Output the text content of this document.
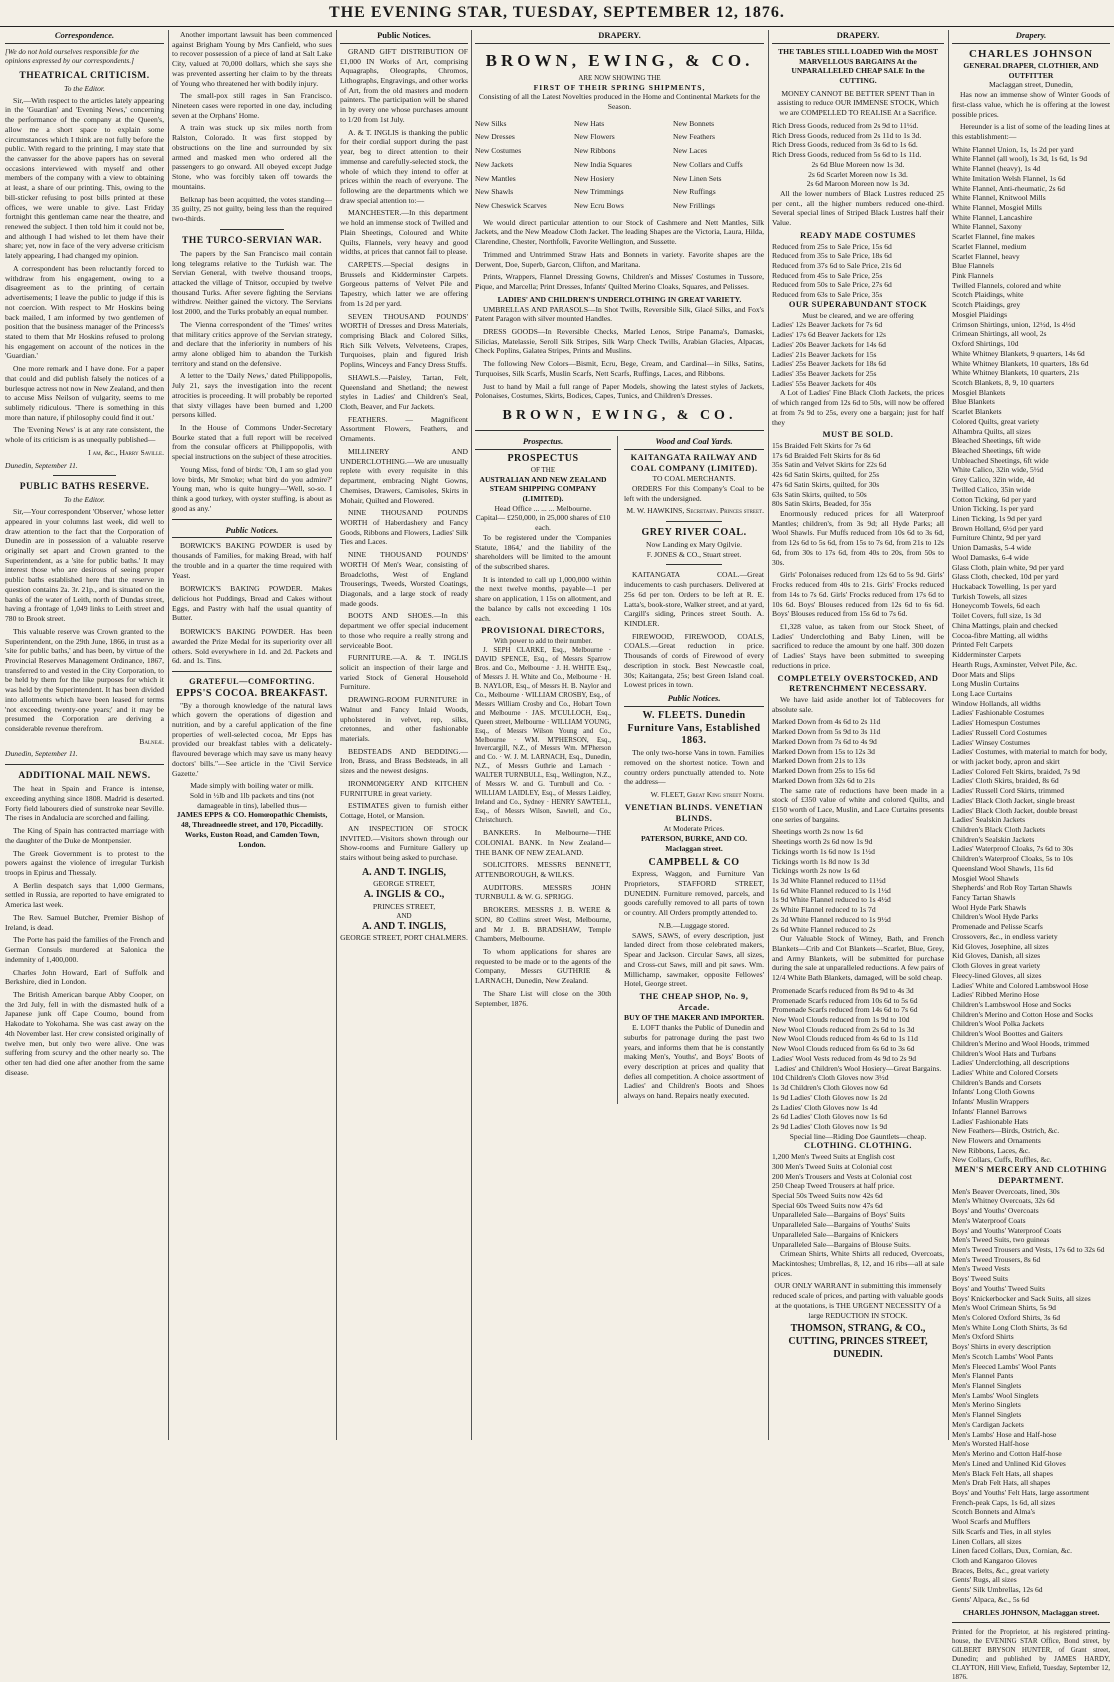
THE EVENING STAR, TUESDAY, SEPTEMBER 12, 1876.
Correspondence.
[We do not hold ourselves responsible for the opinions expressed by our correspondents.]
THEATRICAL CRITICISM.
To the Editor.

Sir,—With respect to the articles lately appearing in the 'Guardian' and 'Evening News,' concerning the performance of the company at the Queen's, allow me a short space to explain some circumstances which I think are not fully before the public. With regard to the printing, I may state that the canvasser for the above papers has on several occasions interviewed with myself and other members of the company with a view to obtaining at least, a share of our printing. This, owing to the bill-sticker refusing to post bills printed at these offices, we were unable to give. Last Friday fortnight this gentleman came near the theatre, and renewed the subject. I then told him it could not be, and although I had wished to let them have their share; yet, now in face of the very adverse criticism lately appearing, I had changed my opinion.

A correspondent has been reluctantly forced to withdraw from his engagement, owing to a disagreement as to the printing of certain advertisements; I leave the public to judge if this is not coercion. With respect to Mr Hoskins being back mailed, I am informed by two gentlemen of position that the business manager of the Princess's stated to them that Mr Hoskins refused to prolong his engagement on account of the notices in the 'Guardian.'

One more remark and I have done. For a paper that could and did publish falsely the notices of a burlesque actress not now in New Zealand, and then to accuse Miss Neilson of vulgarity, seems to me sublimely ridiculous. 'There is something in this more than nature, if philosophy could find it out.'

The 'Evening News' is at any rate consistent, the whole of its criticism is as unequally published—

I am, &c., Harry Saville.
Dunedin, September 11.
PUBLIC BATHS RESERVE.
To the Editor.

Sir,—Your correspondent 'Observer,' whose letter appeared in your columns last week, did well to draw attention to the fact that the Corporation of Dunedin are in possession of a valuable reserve originally set apart and Crown granted to the Superintendent, as a 'site for public baths.' It may interest those who are desirous of seeing proper public baths established here that the reserve in question contains 2a. 3r. 21p., and is situated on the banks of the water of Leith, north of Dundas street, having a frontage of 1,049 links to Leith street and 780 to Brook street.

This valuable reserve was Crown granted to the Superintendent, on the 29th June, 1866, in trust as a 'site for public baths,' and has been, by virtue of the Provincial Reserves Management Ordinance, 1867, transferred to and vested in the City Corporation, to be held by them for the like purposes for which it was held by the Superintendent. It has been divided into allotments which have been leased for terms 'not exceeding twenty-one years;' and it may be presumed the Corporation are deriving a considerable revenue therefrom.

Balneæ.
Dunedin, September 11.
ADDITIONAL MAIL NEWS.

The heat in Spain and France is intense, exceeding anything since 1808. Madrid is deserted. Forty field labourers died of sunstroke near Seville. The rises in Andalucia are scorched and failing.

The King of Spain has contracted marriage with the daughter of the Duke de Montpensier.

The Greek Government is to protest to the powers against the violence of irregular Turkish troops in Epirus and Thessaly.

A Berlin despatch says that 1,000 Germans, settled in Russia, are reported to have emigrated to America last week.

The Rev. Samuel Butcher, Premier Bishop of Ireland, is dead.

The Porte has paid the families of the French and German Consuls murdered at Salonica the indemnity of 1,400,000.

Charles John Howard, Earl of Suffolk and Berkshire, died in London.

The British American barque Abby Cooper, on the 3rd July, fell in with the dismasted hulk of a Japanese junk off Cape Coumo, bound from Hakodate to Yokohama. She was cast away on the 4th November last. Her crew consisted originally of twelve men, but only two were alive. One was suffering from scurvy and the other nearly so. The other ten had died one after another from the same disease.

Another important lawsuit has been commenced against Brigham Young by Mrs Canfield, who sues to recover possession of a piece of land at Salt Lake City, valued at 70,000 dollars, which she says she was prevented asserting her claim to by the threats of Young who threatened her with bodily injury.

The small-pox still rages in San Francisco. Nineteen cases were reported in one day, including seven at the Orphans' Home.

A train was stuck up six miles north from Ralston, Colorado. It was first stopped by obstructions on the line and surrounded by six armed and masked men who ordered all the passengers to go onward. All obeyed except Judge Stone, who was forcibly taken off towards the mountains.

Belknap has been acquitted, the votes standing—35 guilty, 25 not guilty, being less than the required two-thirds.

THE TURCO-SERVIAN WAR.

The papers by the San Francisco mail contain long telegrams relative to the Turkish war. The Servian General, with twelve thousand troops, attacked the village of Tnitsor, occupied by twelve thousand Turks. After severe fighting the Servians withdrew. Neither gained the victory. The Servians lost 2000, and the Turks probably an equal number.

The Vienna correspondent of the 'Times' writes that military critics approve of the Servian strategy, and declare that the inferiority in numbers of his army alone obliged him to abandon the Turkish territory and stand on the defensive.

A letter to the 'Daily News,' dated Philippopolis, July 21, says the investigation into the recent atrocities is proceeding. It will probably be reported that sixty villages have been burned and 1,200 persons killed.

In the House of Commons Under-Secretary Bourke stated that a full report will be received from the consular officers at Philippopolis, with special instructions on the subject of these atrocities.

Young Miss, fond of birds: 'Oh, I am so glad you love birds, Mr Smoke; what bird do you admire?' Young man, who is quite hungry—'Well, so-so. I think a good turkey, with oyster stuffing, is about as good as any.'

Public Notices.

BORWICK'S BAKING POWDER is used by thousands of Families, for making Bread, with half the trouble and in a quarter the time required with Yeast.

BORWICK'S BAKING POWDER. Makes delicious hot Puddings, Bread and Cakes without Eggs, and Pastry with half the usual quantity of Butter.

BORWICK'S BAKING POWDER. Has been awarded the Prize Medal for its superiority over all others. Sold everywhere in 1d. and 2d. Packets and 6d. and 1s. Tins.

GRATEFUL—COMFORTING.
EPPS'S COCOA. BREAKFAST.

"By a thorough knowledge of the natural laws which govern the operations of digestion and nutrition, and by a careful application of the fine properties of well-selected cocoa, Mr Epps has provided our breakfast tables with a delicately-flavoured beverage which may save us many heavy doctors' bills."—See article in the 'Civil Service Gazette.'

Made simply with boiling water or milk.
Sold in ½lb and 1lb packets and tins (not damageable in tins), labelled thus—
JAMES EPPS & CO. Homœopathic Chemists, 48, Threadneedle street, and 170, Piccadilly. Works, Euston Road, and Camden Town, London.
Public Notices.

GRAND GIFT DISTRIBUTION OF £1,000 IN Works of Art, comprising Aquagraphs, Oleographs, Chromos, Lithographs, Engravings, and other works of Art, from the old masters and modern painters. The participation will be shared in by every one whose purchases amount to 1/20 from 1st July.

A. & T. INGLIS is thanking the public for their cordial support during the past year, beg to direct attention to their immense and carefully-selected stock, the whole of which they intend to offer at prices within the reach of everyone. The following are the departments which we draw special attention to:—

MANCHESTER.—In this department we hold an immense stock of Twilled and Plain Sheetings, Coloured and White Quilts, Flannels, very heavy and good widths, at prices that cannot fail to please.

CARPETS.—Special designs in Brussels and Kidderminster Carpets. Gorgeous patterns of Velvet Pile and Tapestry, which latter we are offering from 1s 2d per yard.

SEVEN THOUSAND POUNDS' WORTH of Dresses and Dress Materials, comprising Black and Colored Silks, Rich Silk Velvets, Velveteens, Crapes, Turquoises, plain and figured Irish Poplins, Winceys and Fancy Dress Stuffs.

SHAWLS.—Paisley, Tartan, Felt, Queensland and Shetland; the newest styles in Ladies' and Children's Seal, Cloth, Beaver, and Fur Jackets.

FEATHERS. — Magnificent Assortment Flowers, Feathers, and Ornaments.

MILLINERY AND UNDERCLOTHING.—We are unusually replete with every requisite in this department, embracing Night Gowns, Chemises, Drawers, Camisoles, Skirts in Mohair, Quilted and Flowered.

NINE THOUSAND POUNDS WORTH of Haberdashery and Fancy Goods, Ribbons and Flowers, Ladies' Silk Ties and Laces.

NINE THOUSAND POUNDS' WORTH Of Men's Wear, consisting of Broadcloths, West of England Trouserings, Tweeds, Worsted Coatings, Diagonals, and a large stock of ready made goods.

BOOTS AND SHOES.—In this department we offer special inducement to those who require a really strong and serviceable Boot.

FURNITURE.—A. & T. INGLIS solicit an inspection of their large and varied Stock of General Household Furniture.

DRAWING-ROOM FURNITURE in Walnut and Fancy Inlaid Woods, upholstered in velvet, rep, silks, cretonnes, and other fashionable materials.

BEDSTEADS AND BEDDING.—Iron, Brass, and Brass Bedsteads, in all sizes and the newest designs.

IRONMONGERY AND KITCHEN FURNITURE in great variety.

ESTIMATES given to furnish either Cottage, Hotel, or Mansion.

AN INSPECTION OF STOCK INVITED.—Visitors shown through our Show-rooms and Furniture Gallery up stairs without being asked to purchase.

A. AND T. INGLIS,
GEORGE STREET,
A. INGLIS & CO.,
PRINCES STREET,
AND
A. AND T. INGLIS,
GEORGE STREET, PORT CHALMERS.
DRAPERY.
BROWN, EWING, & CO.
ARE NOW SHOWING THE
FIRST OF THEIR SPRING SHIPMENTS,
Consisting of all the Latest Novelties produced in the Home and Continental Markets for the Season.
New Silks	New Hats	New Bonnets
New Dresses	New Flowers	New Feathers
New Costumes	New Ribbons	New Laces
New Jackets	New India Squares	New Collars and Cuffs
New Mantles	New Hosiery	New Linen Sets
New Shawls	New Trimmings	New Ruffings
New Cheswick Scarves	New Ecru Bows	New Frillings

We would direct particular attention to our Stock of Cashmere and Nett Mantles, Silk Jackets, and the New Meadow Cloth Jacket. The leading Shapes are the Victoria, Laura, Hilda, Clarendine, Chester, Northfolk, Favorite Wellington, and Sussette.

Trimmed and Untrimmed Straw Hats and Bonnets in variety. Favorite shapes are the Derwent, Doe, Superb, Garcon, Clifton, and Maritana.

Prints, Wrappers, Flannel Dressing Gowns, Children's and Misses' Costumes in Tussore, Pique, and Marcella; Print Dresses, Infants' Quilted Merino Cloaks, Squares, and Pelisses.

LADIES' AND CHILDREN'S UNDERCLOTHING IN GREAT VARIETY.

UMBRELLAS AND PARASOLS—In Shot Twills, Reversible Silk, Glacé Silks, and Fox's Patent Paragon with silver mounted Handles.

DRESS GOODS—In Reversible Checks, Marled Lenos, Stripe Panama's, Damasks, Silicias, Matelassie, Seroll Silk Stripes, Silk Warp Check Twills, Arabian Glacies, Alpacas, Check Poplins, Galatea Stripes, Prints and Muslins.

The following New Colors—Bismit, Ecru, Bege, Cream, and Cardinal—in Silks, Satins, Turquoises, Silk Scarfs, Muslin Scarfs, Nett Scarfs, Ruffings, Laces, and Ribbons.

Just to hand by Mail a full range of Paper Models, showing the latest styles of Jackets, Polonaises, Costumes, Skirts, Bodices, Capes, Tunics, and Children's Dresses.

BROWN, EWING, & CO.
Prospectus.
PROSPECTUS
OF THE
AUSTRALIAN AND NEW ZEALAND STEAM SHIPPING COMPANY (LIMITED).
Head Office ... ... ... Melbourne.
Capital— £250,000, in 25,000 shares of £10 each.

To be registered under the 'Companies Statute, 1864,' and the liability of the shareholders will be limited to the amount of the subscribed shares.

It is intended to call up 1,000,000 within the next twelve months, payable—1 per share on application, 1 15s on allotment, and the balance by calls not exceeding 1 10s each.

PROVISIONAL DIRECTORS,
With power to add to their number.

J. SEPH CLARKE, Esq., Melbourne · DAVID SPENCE, Esq., of Messrs Sparrow Bros. and Co., Melbourne · J. H. WHITE Esq., of Messrs J. H. White and Co., Melbourne · H. B. NAYLOR, Esq., of Messrs H. B. Naylor and Co., Melbourne · WILLIAM CROSBY, Esq., of Messrs William Crosby and Co., Hobart Town and Melbourne · JAS. M'CULLOCH, Esq., Queen street, Melbourne · WILLIAM YOUNG, Esq., of Messrs Wilson Young and Co., Melbourne · WM. M'PHERSON, Esq., Invercargill, N.Z., of Messrs Wm. M'Pherson and Co. · W. J. M. LARNACH, Esq., Dunedin, N.Z., of Messrs Guthrie and Larnach · WALTER TURNBULL, Esq., Wellington, N.Z., of Messrs W. and G. Turnbull and Co. · WILLIAM LAIDLEY, Esq., of Messrs Laidley, Ireland and Co., Sydney · HENRY SAWTELL, Esq., of Messrs Wilson, Sawtell, and Co., Christchurch.

BANKERS. In Melbourne—THE COLONIAL BANK. In New Zealand—THE BANK OF NEW ZEALAND.

SOLICITORS. MESSRS BENNETT, ATTENBOROUGH, & WILKS.

AUDITORS. MESSRS JOHN TURNBULL & W. G. SPRIGG.

BROKERS. MESSRS J. B. WERE & SON, 80 Collins street West, Melbourne, and Mr J. B. BRADSHAW, Temple Chambers, Melbourne.

To whom applications for shares are requested to be made or to the agents of the Company, Messrs GUTHRIE & LARNACH, Dunedin, New Zealand.

The Share List will close on the 30th September, 1876.

Wood and Coal Yards.
KAITANGATA RAILWAY AND COAL COMPANY (LIMITED).
TO COAL MERCHANTS.

ORDERS For this Company's Coal to be left with the undersigned.

M. W. HAWKINS, Secretary. Princes street.
GREY RIVER COAL.
Now Landing ex Mary Ogilvie.
F. JONES & CO., Stuart street.

KAITANGATA COAL.—Great inducements to cash purchasers. Delivered at 25s 6d per ton. Orders to be left at R. E. Latta's, book-store, Walker street, and at yard, Cargill's siding, Princes street South. A. KINDLER.

FIREWOOD, FIREWOOD, COALS, COALS.—Great reduction in price. Thousands of cords of Firewood of every description in stock. Best Newcastle coal, 30s; Kaitangata, 25s; best Green Island coal. Lowest prices in town.

Public Notices.
W. FLEETS. Dunedin Furniture Vans, Established 1863.

The only two-horse Vans in town. Families removed on the shortest notice. Town and country orders punctually attended to. Note the address—

W. FLEET, Great King street North.
VENETIAN BLINDS. VENETIAN BLINDS.
At Moderate Prices.
PATERSON, BURKE, AND CO. Maclaggan street.
CAMPBELL & CO

Express, Waggon, and Furniture Van Proprietors, STAFFORD STREET, DUNEDIN. Furniture removed, parcels, and goods carefully removed to all parts of town or country. All Orders promptly attended to.

N.B.—Luggage stored.

SAWS, SAWS, of every description, just landed direct from those celebrated makers, Spear and Jackson. Circular Saws, all sizes, and Cross-cut Saws, mill and pit saws. Wm. Millichamp, sawmaker, opposite Fellowes' Hotel, George street.

THE CHEAP SHOP, No. 9, Arcade.
BUY OF THE MAKER AND IMPORTER.

E. LOFT thanks the Public of Dunedin and suburbs for patronage during the past two years, and informs them that he is constantly making Men's, Youths', and Boys' Boots of every description at prices and quality that defies all competition. A choice assortment of Ladies' and Children's Boots and Shoes always on hand. Repairs neatly executed.

DRAPERY.
THE TABLES STILL LOADED With the MOST MARVELLOUS BARGAINS At the UNPARALLELED CHEAP SALE In the CUTTING.
MONEY CANNOT BE BETTER SPENT Than in assisting to reduce OUR IMMENSE STOCK, Which we are COMPELLED TO REALISE At a Sacrifice.
Rich Dress Goods, reduced from 2s 9d to 11½d.
Rich Dress Goods, reduced from 2s 11d to 1s 3d.
Rich Dress Goods, reduced from 3s 6d to 1s 6d.
Rich Dress Goods, reduced from 5s 6d to 1s 11d.
2s 6d Blue Moreen now 1s 3d.
2s 6d Scarlet Moreen now 1s 3d.
2s 6d Maroon Moreen now 1s 3d.

All the lower numbers of Black Lustres reduced 25 per cent., all the higher numbers reduced one-third. Several special lines of Striped Black Lustres half their Value.

READY MADE COSTUMES
Reduced from 25s to Sale Price, 15s 6d
Reduced from 35s to Sale Price, 18s 6d
Reduced from 37s 6d to Sale Price, 21s 6d
Reduced from 45s to Sale Price, 25s
Reduced from 50s to Sale Price, 27s 6d
Reduced from 63s to Sale Price, 35s
OUR SUPERABUNDANT STOCK
Must be cleared, and we are offering
Ladies' 12s Beaver Jackets for 7s 6d
Ladies' 17s 6d Beaver Jackets for 12s
Ladies' 20s Beaver Jackets for 14s 6d
Ladies' 21s Beaver Jackets for 15s
Ladies' 25s Beaver Jackets for 18s 6d
Ladies' 35s Beaver Jackets for 25s
Ladies' 55s Beaver Jackets for 40s

A Lot of Ladies' Fine Black Cloth Jackets, the prices of which ranged from 12s 6d to 50s, will now be offered at from 7s 9d to 25s, every one a bargain; just for half they

MUST BE SOLD.
15s Braided Felt Skirts for 7s 6d
17s 6d Braided Felt Skirts for 8s 6d
35s Satin and Velvet Skirts for 22s 6d
42s 6d Satin Skirts, quilted, for 25s
47s 6d Satin Skirts, quilted, for 30s
63s Satin Skirts, quilted, to 50s
80s Satin Skirts, Beaded, for 35s

Enormously reduced prices for all Waterproof Mantles; children's, from 3s 9d; all Hyde Parks; all Wool Shawls. Fur Muffs reduced from 10s 6d to 3s 6d, from 12s 6d to 5s 6d, from 15s to 7s 6d, from 21s to 12s 6d, from 30s to 17s 6d, from 40s to 20s, from 50s to 30s.

Girls' Polonaises reduced from 12s 6d to 5s 9d. Girls' Frocks reduced from 40s to 21s. Girls' Frocks reduced from 14s to 7s 6d. Girls' Frocks reduced from 17s 6d to 10s 6d. Boys' Blouses reduced from 12s 6d to 6s 6d. Boys' Blouses reduced from 15s 6d to 7s 6d.

£1,328 value, as taken from our Stock Sheet, of Ladies' Underclothing and Baby Linen, will be sacrificed to reduce the amount by one half. 300 dozen of Ladies' Stays have been submitted to sweeping reductions in price.

COMPLETELY OVERSTOCKED, AND RETRENCHMENT NECESSARY.

We have laid aside another lot of Tablecovers for absolute sale.

Marked Down from 4s 6d to 2s 11d
Marked Down from 5s 9d to 3s 11d
Marked Down from 7s 6d to 4s 9d
Marked Down from 15s to 12s 3d
Marked Down from 21s to 13s
Marked Down from 25s to 15s 6d
Marked Down from 32s 6d to 21s

The same rate of reductions have been made in a stock of £350 value of white and colored Quilts, and £150 worth of Lace, Muslin, and Lace Curtains presents one series of bargains.

Sheetings worth 2s now 1s 6d
Sheetings worth 2s 6d now 1s 9d
Tickings worth 1s 6d now 1s 1½d
Tickings worth 1s 8d now 1s 3d
Tickings worth 2s now 1s 6d
1s 3d White Flannel reduced to 11½d
1s 6d White Flannel reduced to 1s 1½d
1s 9d White Flannel reduced to 1s 4½d
2s White Flannel reduced to 1s 7d
2s 3d White Flannel reduced to 1s 9½d
2s 6d White Flannel reduced to 2s

Our Valuable Stock of Witney, Bath, and French Blankets—Crib and Cot Blankets—Scarlet, Blue, Grey, and Army Blankets, will be submitted for purchase during the sale at unparalleled reductions. A few pairs of 12/4 White Bath Blankets, damaged, will be sold cheap.

Promenade Scarfs reduced from 8s 9d to 4s 3d
Promenade Scarfs reduced from 10s 6d to 5s 6d
Promenade Scarfs reduced from 14s 6d to 7s 6d
New Wool Clouds reduced from 1s 9d to 10d
New Wool Clouds reduced from 2s 6d to 1s 3d
New Wool Clouds reduced from 4s 6d to 1s 11d
New Wool Clouds reduced from 6s 6d to 3s 6d
Ladies' Wool Vests reduced from 4s 9d to 2s 9d
Ladies' and Children's Wool Hosiery—Great Bargains.
10d Children's Cloth Gloves now 3½d
1s 3d Children's Cloth Gloves now 6d
1s 9d Ladies' Cloth Gloves now 1s 2d
2s Ladies' Cloth Gloves now 1s 4d
2s 6d Ladies' Cloth Gloves now 1s 6d
2s 9d Ladies' Cloth Gloves now 1s 9d
Special line—Riding Doe Gauntlets—cheap.
CLOTHING. CLOTHING.
1,200 Men's Tweed Suits at English cost
300 Men's Tweed Suits at Colonial cost
200 Men's Trousers and Vests at Colonial cost
250 Cheap Tweed Trousers at half price.
Special 50s Tweed Suits now 42s 6d
Special 60s Tweed Suits now 47s 6d
Unparalleled Sale—Bargains of Boys' Suits
Unparalleled Sale—Bargains of Youths' Suits
Unparalleled Sale—Bargains of Knickers
Unparalleled Sale—Bargains of Blouse Suits.

Crimean Shirts, White Shirts all reduced, Overcoats, Mackintoshes; Umbrellas, 8, 12, and 16 ribs—all at sale prices.

OUR ONLY WARRANT in submitting this immensely reduced scale of prices, and parting with valuable goods at the quotations, is THE URGENT NECESSITY Of a large REDUCTION IN STOCK.
THOMSON, STRANG, & CO., CUTTING, PRINCES STREET, DUNEDIN.
Drapery.
CHARLES JOHNSON
GENERAL DRAPER, CLOTHIER, AND OUTFITTER
Maclaggan street, Dunedin,

Has now an immense show of Winter Goods of first-class value, which he is offering at the lowest possible prices.

Hereunder is a list of some of the leading lines at this establishment:—

White Flannel Union, 1s, 1s 2d per yard
White Flannel (all wool), 1s 3d, 1s 6d, 1s 9d
White Flannel (heavy), 1s 4d
White Imitation Welsh Flannel, 1s 6d
White Flannel, Anti-rheumatic, 2s 6d
White Flannel, Knitwool Mills
White Flannel, Mosgiel Mills
White Flannel, Lancashire
White Flannel, Saxony
Scarlet Flannel, fine makes
Scarlet Flannel, medium
Scarlet Flannel, heavy
Blue Flannels
Pink Flannels
Twilled Flannels, colored and white
Scotch Plaidings, white
Scotch Plaidings, grey
Mosgiel Plaidings
Crimson Shirtings, union, 12½d, 1s 4½d
Crimean Shirtings, all wool, 2s
Oxford Shirtings, 10d
White Whitney Blankets, 9 quarters, 14s 6d
White Whitney Blankets, 10 quarters, 18s 6d
White Whitney Blankets, 10 quarters, 21s
Scotch Blankets, 8, 9, 10 quarters
Mosgiel Blankets
Blue Blankets
Scarlet Blankets
Colored Quilts, great variety
Alhambra Quilts, all sizes
Bleached Sheetings, 6ft wide
Bleached Sheetings, 6ft wide
Unbleached Sheetings, 6ft wide
White Calico, 32in wide, 5½d
Grey Calico, 32in wide, 4d
Twilled Calico, 35in wide
Cotton Ticking, 6d per yard
Union Ticking, 1s per yard
Linen Ticking, 1s 9d per yard
Brown Holland, 6½d per yard
Furniture Chintz, 9d per yard
Union Damasks, 5-4 wide
Wool Damasks, 6-4 wide
Glass Cloth, plain white, 9d per yard
Glass Cloth, checked, 10d per yard
Huckaback Towelling, 1s per yard
Turkish Towels, all sizes
Honeycomb Towels, 6d each
Toilet Covers, full size, 1s 3d
China Mattings, plain and checked
Cocoa-fibre Matting, all widths
Printed Felt Carpets
Kidderminster Carpets
Hearth Rugs, Axminster, Velvet Pile, &c.
Door Mats and Slips
Long Muslin Curtains
Long Lace Curtains
Window Hollands, all widths
Ladies' Fashionable Costumes
Ladies' Homespun Costumes
Ladies' Russell Cord Costumes
Ladies' Winsey Costumes
Ladies' Costumes, with material to match for body, or with jacket body, apron and skirt
Ladies' Colored Felt Skirts, braided, 7s 9d
Ladies' Cloth Skirts, braided, 8s 6d
Ladies' Russell Cord Skirts, trimmed
Ladies' Black Cloth Jacket, single breast
Ladies' Black Cloth Jacket, double breast
Ladies' Sealskin Jackets
Children's Black Cloth Jackets
Children's Sealskin Jackets
Ladies' Waterproof Cloaks, 7s 6d to 30s
Children's Waterproof Cloaks, 5s to 10s
Queensland Wool Shawls, 11s 6d
Mosgiel Wool Shawls
Shepherds' and Rob Roy Tartan Shawls
Fancy Tartan Shawls
Wool Hyde Park Shawls
Children's Wool Hyde Parks
Promenade and Pelisse Scarfs
Crossovers, &c., in endless variety
Kid Gloves, Josephine, all sizes
Kid Gloves, Danish, all sizes
Cloth Gloves in great variety
Fleecy-lined Gloves, all sizes
Ladies' White and Colored Lambswool Hose
Ladies' Ribbed Merino Hose
Children's Lambswool Hose and Socks
Children's Merino and Cotton Hose and Socks
Children's Wool Polka Jackets
Children's Wool Boottes and Gaiters
Children's Merino and Wool Hoods, trimmed
Children's Wool Hats and Turbans
Ladies' Underclothing, all descriptions
Ladies' White and Colored Corsets
Children's Bands and Corsets
Infants' Long Cloth Gowns
Infants' Muslin Wrappers
Infants' Flannel Barrows
Ladies' Fashionable Hats
New Feathers—Birds, Ostrich, &c.
New Flowers and Ornaments
New Ribbons, Laces, &c.
New Collars, Cuffs, Ruffles, &c.
MEN'S MERCERY AND CLOTHING DEPARTMENT.
Men's Beaver Overcoats, lined, 30s
Men's Whitney Overcoats, 32s 6d
Boys' and Youths' Overcoats
Men's Waterproof Coats
Boys' and Youths' Waterproof Coats
Men's Tweed Suits, two guineas
Men's Tweed Trousers and Vests, 17s 6d to 32s 6d
Men's Tweed Trousers, 8s 6d
Men's Tweed Vests
Boys' Tweed Suits
Boys' and Youths' Tweed Suits
Boys' Knickerbocker and Sack Suits, all sizes
Men's Wool Crimean Shirts, 5s 9d
Men's Colored Oxford Shirts, 3s 6d
Men's White Long Cloth Shirts, 3s 6d
Men's Oxford Shirts
Boys' Shirts in every description
Men's Scotch Lambs' Wool Pants
Men's Fleeced Lambs' Wool Pants
Men's Flannel Pants
Men's Flannel Singlets
Men's Lambs' Wool Singlets
Men's Merino Singlets
Men's Flannel Singlets
Men's Cardigan Jackets
Men's Lambs' Hose and Half-hose
Men's Worsted Half-hose
Men's Merino and Cotton Half-hose
Men's Lined and Unlined Kid Gloves
Men's Black Felt Hats, all shapes
Men's Drab Felt Hats, all shapes
Boys' and Youths' Felt Hats, large assortment
French-peak Caps, 1s 6d, all sizes
Scotch Bonnets and Alma's
Wool Scarfs and Mufflers
Silk Scarfs and Ties, in all styles
Linen Collars, all sizes
Linen faced Collars, Dux, Cornian, &c.
Cloth and Kangaroo Gloves
Braces, Belts, &c., great variety
Gents' Rugs, all sizes
Gents' Silk Umbrellas, 12s 6d
Gents' Alpaca, &c., 5s 6d
CHARLES JOHNSON, Maclaggan street.
Printed for the Proprietor, at his registered printing-house, the EVENING STAR Office, Bond street, by GILBERT BRYSON HUNTER, of Grant street, Dunedin; and published by JAMES HARDY, CLAYTON, Hill View, Enfield, Tuesday, September 12, 1876.
